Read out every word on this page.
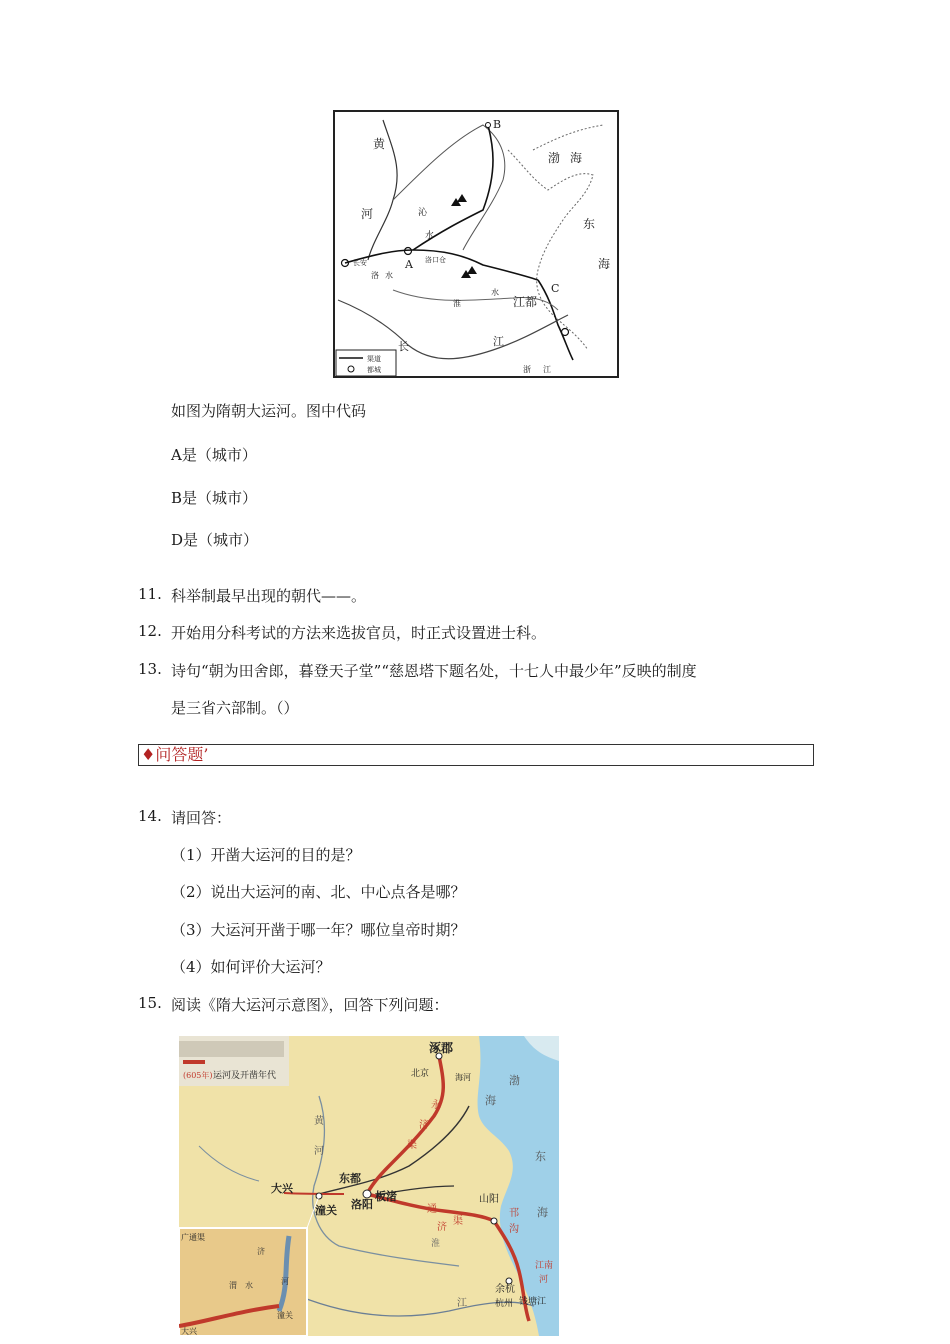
黄
河
B
渤 海
东
海
沁
水
A 洛口仓
长安
洛 水
淮
水
江都
C
长	江
浙 江
渠道
都城
如图为隋朝大运河。图中代码
A是（城市）
B是（城市）
D是（城市）
11. 科举制最早出现的朝代——。
12. 开始用分科考试的方法来选拔官员，时正式设置进士科。
13. 诗句“朝为田舍郎，暮登天子堂”“慈恩塔下题名处，十七人中最少年”反映的制度
是三省六部制。（）
♦问答题’
14. 请回答：
（1）开凿大运河的目的是？
（2）说出大运河的南、北、中心点各是哪？
（3）大运河开凿于哪一年？哪位皇帝时期？
（4）如何评价大运河？
15. 阅读《隋大运河示意图》，回答下列问题：
(605年) 运河及开凿年代
涿郡
北京	海河	渤
海
黄
河
永
济
渠
东
海
大兴
潼关
东都
洛阳
板渚
通
济
渠
山阳
邗
沟
淮
江南
河
余杭
杭州 钱塘江
江
广通渠
济
渭 水	河
潼关
大兴
